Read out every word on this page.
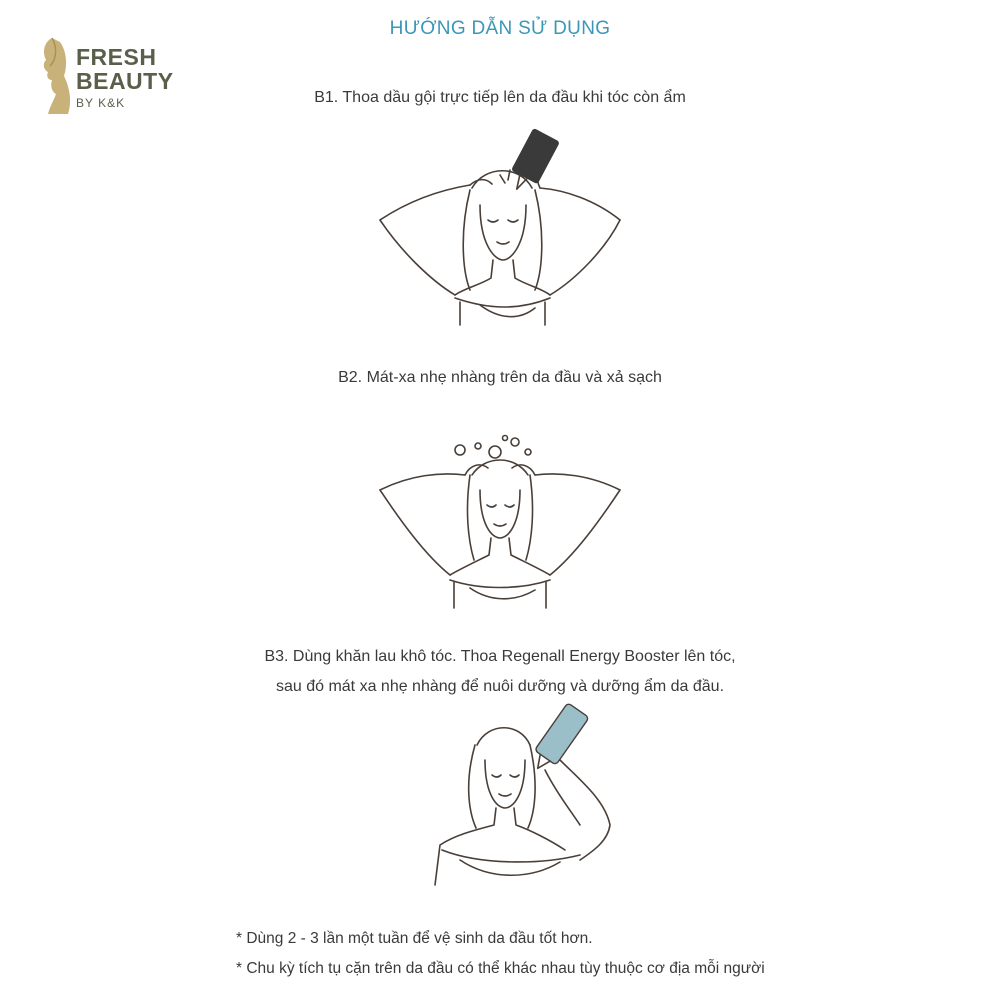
FRESH
BEAUTY
BY K&K
HƯỚNG DẪN SỬ DỤNG
B1. Thoa dầu gội trực tiếp lên da đầu khi tóc còn ẩm
B2. Mát-xa nhẹ nhàng trên da đầu và xả sạch
B3. Dùng khăn lau khô tóc. Thoa Regenall Energy Booster lên tóc,
sau đó mát xa nhẹ nhàng để nuôi dưỡng và dưỡng ẩm da đầu.
* Dùng 2 - 3 lần một tuần để vệ sinh da đầu tốt hơn.
* Chu kỳ tích tụ cặn trên da đầu có thể khác nhau tùy thuộc cơ địa mỗi người
